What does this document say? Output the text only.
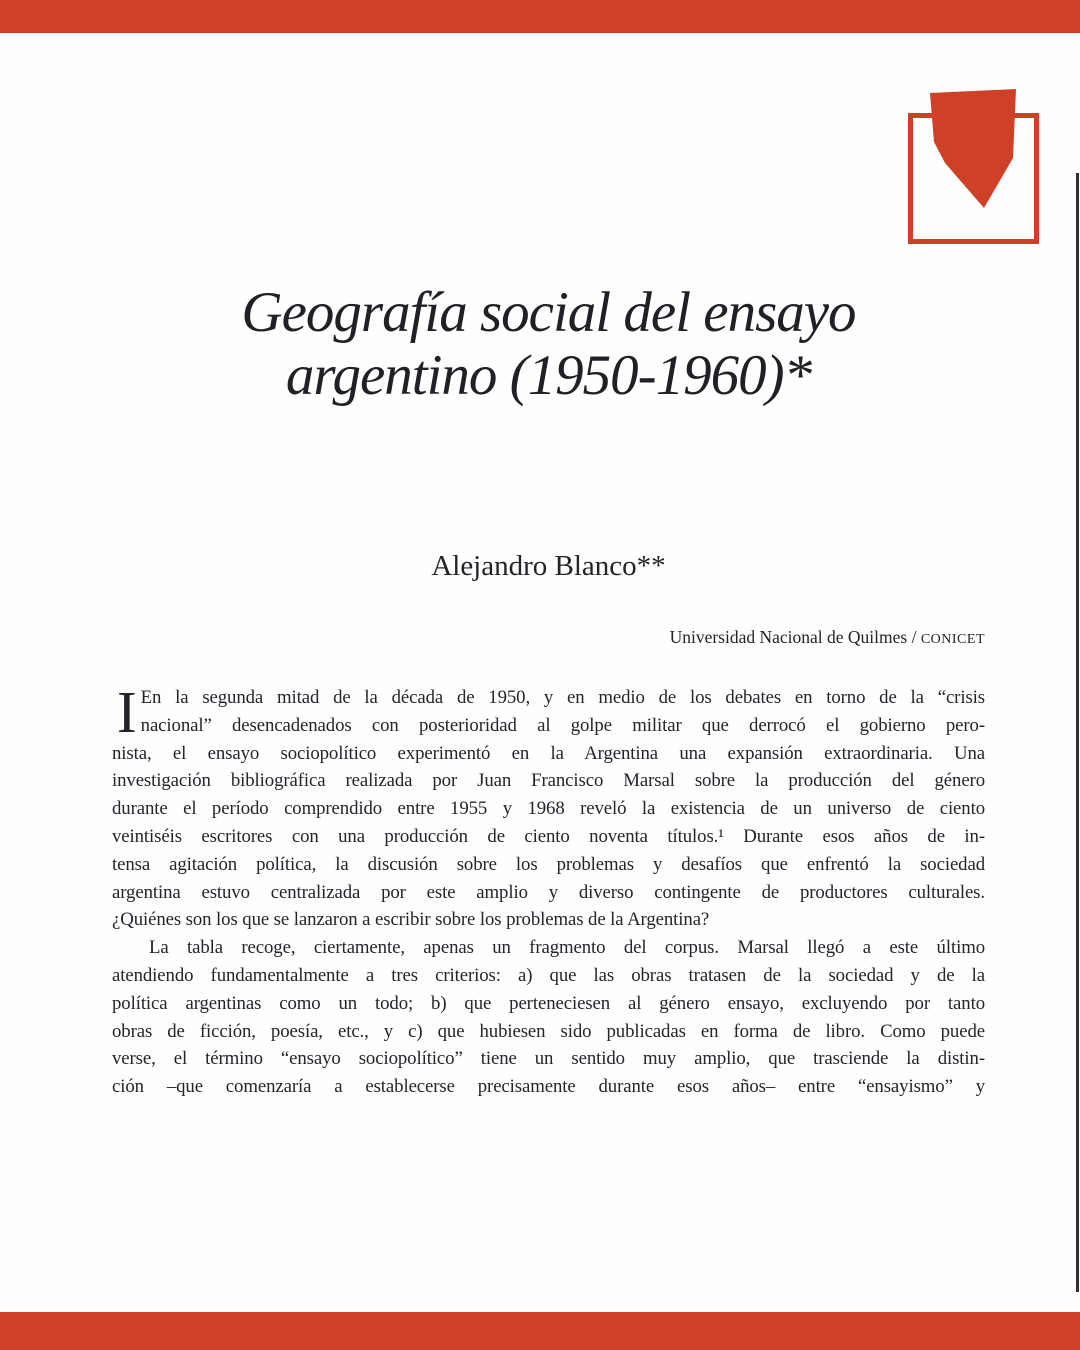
Geografía social del ensayo
argentino (1950-1960)*
Alejandro Blanco**
Universidad Nacional de Quilmes / CONICET
I En la segunda mitad de la década de 1950, y en medio de los debates en torno de la “crisis
nacional” desencadenados con posterioridad al golpe militar que derrocó el gobierno pero-
nista, el ensayo sociopolítico experimentó en la Argentina una expansión extraordinaria. Una
investigación bibliográfica realizada por Juan Francisco Marsal sobre la producción del género
durante el período comprendido entre 1955 y 1968 reveló la existencia de un universo de ciento
veintiséis escritores con una producción de ciento noventa títulos.¹ Durante esos años de in-
tensa agitación política, la discusión sobre los problemas y desafíos que enfrentó la sociedad
argentina estuvo centralizada por este amplio y diverso contingente de productores culturales.
¿Quiénes son los que se lanzaron a escribir sobre los problemas de la Argentina?
La tabla recoge, ciertamente, apenas un fragmento del corpus. Marsal llegó a este último
atendiendo fundamentalmente a tres criterios: a) que las obras tratasen de la sociedad y de la
política argentinas como un todo; b) que perteneciesen al género ensayo, excluyendo por tanto
obras de ficción, poesía, etc., y c) que hubiesen sido publicadas en forma de libro. Como puede
verse, el término “ensayo sociopolítico” tiene un sentido muy amplio, que trasciende la distin-
ción –que comenzaría a establecerse precisamente durante esos años– entre “ensayismo” y
